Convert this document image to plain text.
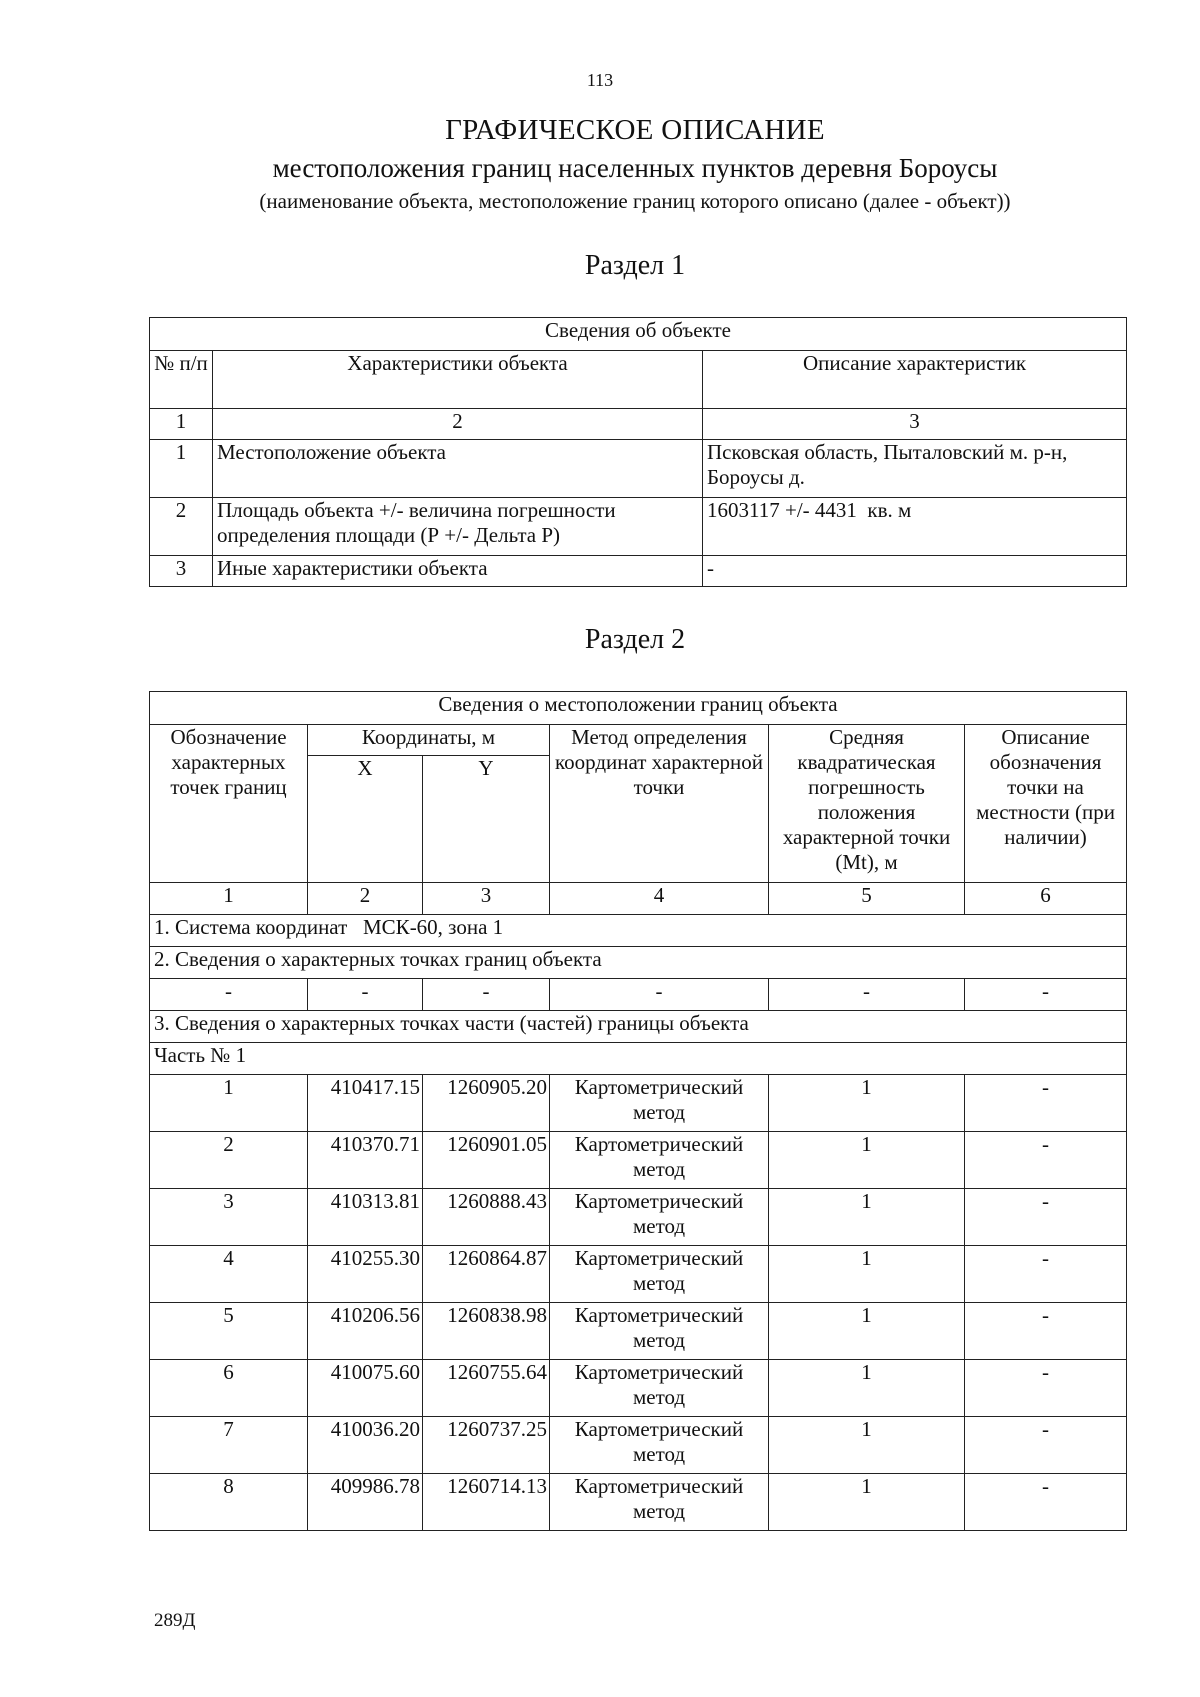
113
ГРАФИЧЕСКОЕ ОПИСАНИЕ
местоположения границ населенных пунктов деревня Бороусы
(наименование объекта, местоположение границ которого описано (далее - объект))
Раздел 1
Сведения об объекте		
№ п/п	Характеристики объекта	Описание характеристик
1	2	3
1	Местоположение объекта	Псковская область, Пыталовский м. р-н, Бороусы д.
2	Площадь объекта +/- величина погрешности определения площади (Р +/- Дельта Р)	1603117 +/- 4431  кв. м
3	Иные характеристики объекта	-
Раздел 2
Сведения о местоположении границ объекта					
Обозначение характерных точек границ	Координаты, м		Метод определения координат характерной точки	Средняя квадратическая погрешность положения характерной точки (Mt), м	Описание обозначения точки на местности (при наличии)
	X	Y			
1	2	3	4	5	6
1. Система координат   МСК-60, зона 1					
2. Сведения о характерных точках границ объекта					
-	-	-	-	-	-
3. Сведения о характерных точках части (частей) границы объекта					
Часть № 1					
1	410417.15	1260905.20	Картометрический метод	1	-
2	410370.71	1260901.05	Картометрический метод	1	-
3	410313.81	1260888.43	Картометрический метод	1	-
4	410255.30	1260864.87	Картометрический метод	1	-
5	410206.56	1260838.98	Картометрический метод	1	-
6	410075.60	1260755.64	Картометрический метод	1	-
7	410036.20	1260737.25	Картометрический метод	1	-
8	409986.78	1260714.13	Картометрический метод	1	-
289Д
